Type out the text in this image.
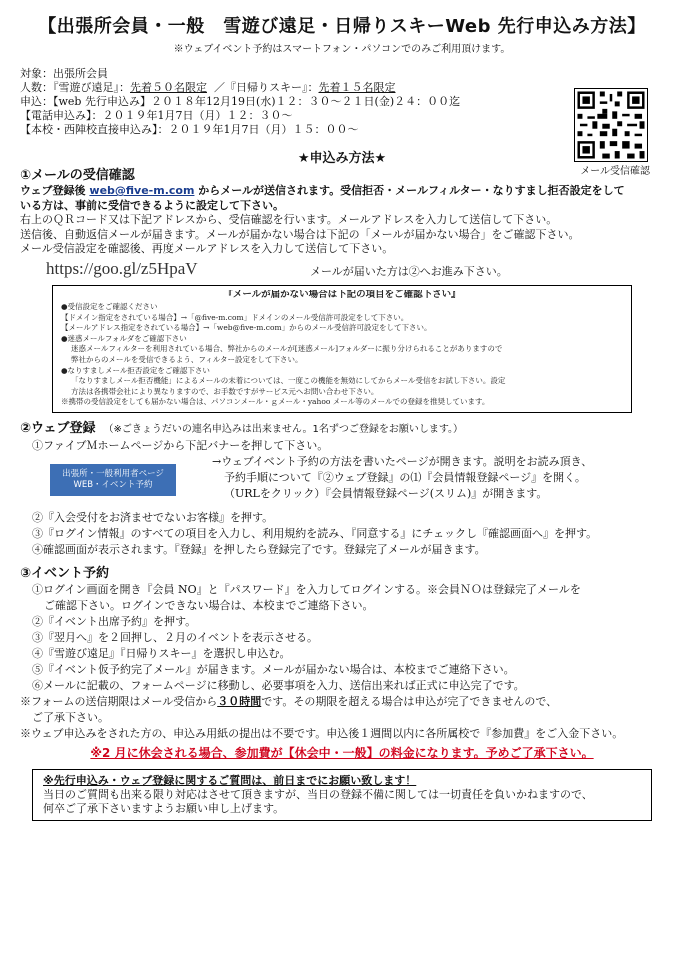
【出張所会員・一般　雪遊び遠足・日帰りスキーWeb 先行申込み方法】
※ウェブイベント予約はスマートフォン・パソコンでのみご利用頂けます。
対象：出張所会員
人数：『雪遊び遠足』：先着５０名限定 ／『日帰りスキー』：先着１５名限定
申込：【web 先行申込み】２０１８年12月19日(水)１２：３０～２１日(金)２４：００迄
【電話申込み】：２０１９年1月7日（月）１２：３０～
【本校・西陣校直接申込み】：２０１９年1月7日（月）１５：００～
メール受信確認
★申込み方法★
①メールの受信確認
ウェブ登録後 web@five-m.com からメールが送信されます。受信拒否・メールフィルター・なりすまし拒否設定をして
いる方は、事前に受信できるように設定して下さい。
右上のＱＲコード又は下記アドレスから、受信確認を行います。メールアドレスを入力して送信して下さい。
送信後、自動返信メールが届きます。メールが届かない場合は下記の「メールが届かない場合」をご確認下さい。
メール受信設定を確認後、再度メールアドレスを入力して送信して下さい。
https://goo.gl/z5HpaV	メールが届いた方は②へお進み下さい。
『メールが届かない場合は下記の項目をご確認下さい』
●受信設定をご確認ください
【ドメイン指定をされている場合】→「@five-m.com」ドメインのメール受信許可設定をして下さい。
【メールアドレス指定をされている場合】→「web@five-m.com」からのメール受信許可設定をして下さい。
●迷惑メールフォルダをご確認下さい
迷惑メールフィルターを利用されている場合、弊社からのメールが[迷惑メール]フォルダーに振り分けられることがありますので
弊社からのメールを受信できるよう、フィルター設定をして下さい。
●なりすましメール拒否設定をご確認下さい
「なりすましメール拒否機能」によるメールの未着については、一度この機能を無効にしてからメール受信をお試し下さい。設定
方法は各携帯会社により異なりますので、お手数ですがサービス元へお問い合わせ下さい。
※携帯の受信設定をしても届かない場合は、パソコンメール・ｇメール・yahoo メール等のメールでの登録を推奨しています。
②ウェブ登録 （※ごきょうだいの連名申込みは出来ません。1名ずつご登録をお願いします。）
①ファイブＭホームページから下記バナーを押して下さい。
出張所・一般利用者ページ
WEB・イベント予約
→ウェブイベント予約の方法を書いたページが開きます。説明をお読み頂き、
予約手順について『②ウェブ登録』の⑴『会員情報登録ページ』を開く。
（URLをクリック）『会員情報登録ページ(スリム)』が開きます。
②『入会受付をお済ませでないお客様』を押す。
③『ログイン情報』のすべての項目を入力し、利用規約を読み、『同意する』にチェックし『確認画面へ』を押す。
④確認画面が表示されます。『登録』を押したら登録完了です。登録完了メールが届きます。
③イベント予約
①ログイン画面を開き『会員 NO』と『パスワード』を入力してログインする。※会員ＮＯは登録完了メールを
ご確認下さい。ログインできない場合は、本校までご連絡下さい。
②『イベント出席予約』を押す。
③『翌月へ』を２回押し、２月のイベントを表示させる。
④『雪遊び遠足』『日帰りスキー』を選択し申込む。
⑤『イベント仮予約完了メール』が届きます。メールが届かない場合は、本校までご連絡下さい。
⑥メールに記載の、フォームページに移動し、必要事項を入力、送信出来れば正式に申込完了です。
※フォームの送信期限はメール受信から３０時間です。その期限を超える場合は申込が完了できませんので、
ご了承下さい。
※ウェブ申込みをされた方の、申込み用紙の提出は不要です。申込後１週間以内に各所属校で『参加費』をご入金下さい。
※2 月に休会される場合、参加費が【休会中・一般】の料金になります。予めご了承下さい。
※先行申込み・ウェブ登録に関するご質問は、前日までにお願い致します！
当日のご質問も出来る限り対応はさせて頂きますが、当日の登録不備に関しては一切責任を負いかねますので、
何卒ご了承下さいますようお願い申し上げます。
